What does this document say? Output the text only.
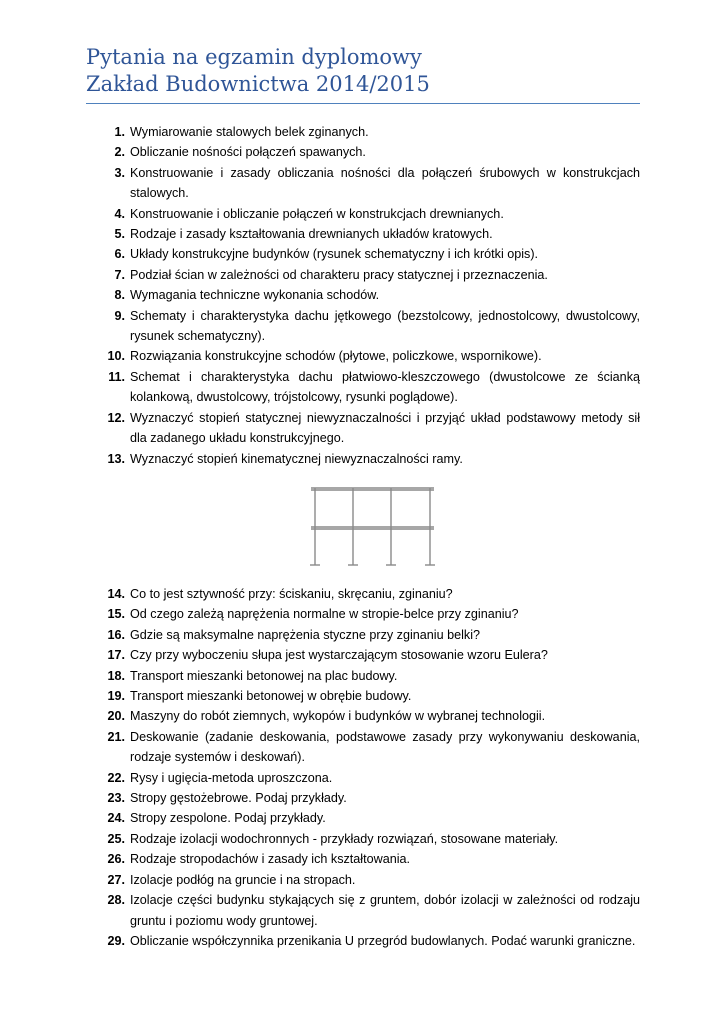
Pytania na egzamin dyplomowy
Zakład Budownictwa 2014/2015
1. Wymiarowanie stalowych belek zginanych.
2. Obliczanie nośności połączeń spawanych.
3. Konstruowanie i zasady obliczania nośności dla połączeń śrubowych w konstrukcjach stalowych.
4. Konstruowanie i obliczanie połączeń w konstrukcjach drewnianych.
5. Rodzaje i zasady kształtowania drewnianych układów kratowych.
6. Układy konstrukcyjne budynków (rysunek schematyczny i ich krótki opis).
7. Podział ścian w zależności od charakteru pracy statycznej i przeznaczenia.
8. Wymagania techniczne wykonania schodów.
9. Schematy i charakterystyka dachu jętkowego (bezstolcowy, jednostolcowy, dwustolcowy, rysunek schematyczny).
10. Rozwiązania konstrukcyjne schodów (płytowe, policzkowe, wspornikowe).
11. Schemat i charakterystyka dachu płatwiowo-kleszczowego (dwustolcowe ze ścianką kolankową, dwustolcowy, trójstolcowy, rysunki poglądowe).
12. Wyznaczyć stopień statycznej niewyznaczalności i przyjąć układ podstawowy metody sił dla zadanego układu konstrukcyjnego.
13. Wyznaczyć stopień kinematycznej niewyznaczalności ramy.
14. Co to jest sztywność przy: ściskaniu, skręcaniu, zginaniu?
15. Od czego zależą naprężenia normalne w stropie-belce przy zginaniu?
16. Gdzie są maksymalne naprężenia styczne przy zginaniu belki?
17. Czy przy wyboczeniu słupa jest wystarczającym stosowanie wzoru Eulera?
18. Transport mieszanki betonowej na plac budowy.
19. Transport mieszanki betonowej w obrębie budowy.
20. Maszyny do robót ziemnych, wykopów i budynków w wybranej technologii.
21. Deskowanie (zadanie deskowania, podstawowe zasady przy wykonywaniu deskowania, rodzaje systemów i deskowań).
22. Rysy i ugięcia-metoda uproszczona.
23. Stropy gęstożebrowe. Podaj przykłady.
24. Stropy zespolone. Podaj przykłady.
25. Rodzaje izolacji wodochronnych - przykłady rozwiązań, stosowane materiały.
26. Rodzaje stropodachów i zasady ich kształtowania.
27. Izolacje podłóg na gruncie i na stropach.
28. Izolacje części budynku stykających się z gruntem, dobór izolacji w zależności od rodzaju gruntu i poziomu wody gruntowej.
29. Obliczanie współczynnika przenikania U przegród budowlanych. Podać warunki graniczne.
